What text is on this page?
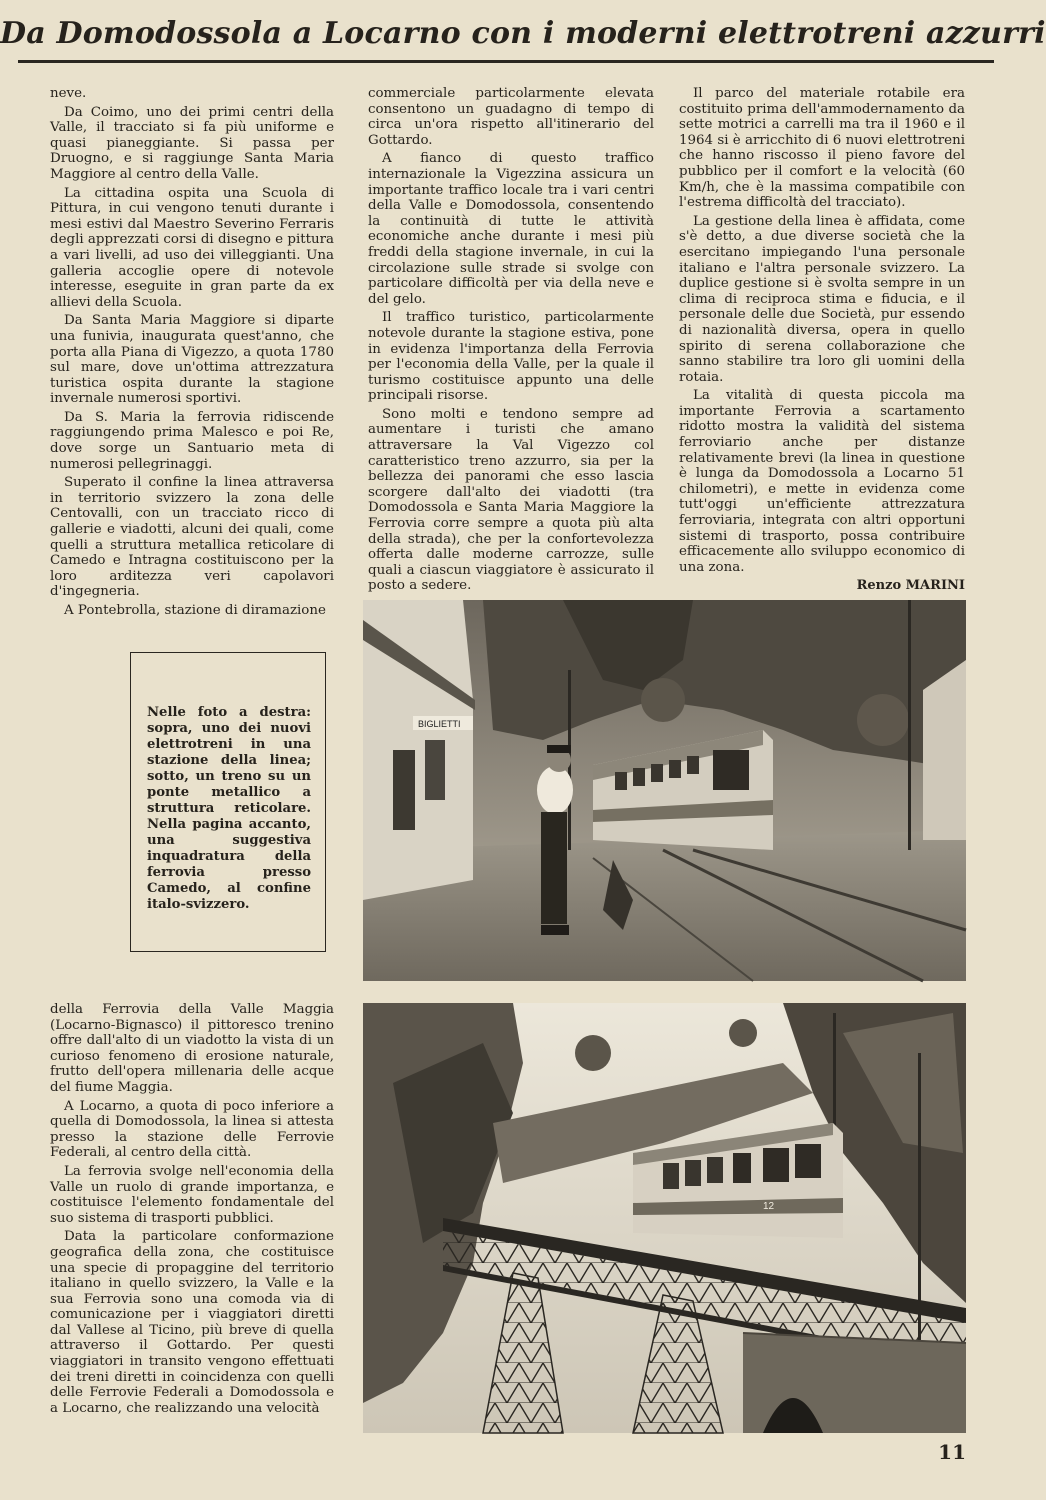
Da Domodossola a Locarno con i moderni elettrotreni azzurri

neve.

Da Coimo, uno dei primi centri della Valle, il tracciato si fa più uniforme e quasi pianeggiante. Si passa per Druogno, e si raggiunge Santa Maria Maggiore al centro della Valle.

La cittadina ospita una Scuola di Pittura, in cui vengono tenuti durante i mesi estivi dal Maestro Severino Ferraris degli apprezzati corsi di disegno e pittura a vari livelli, ad uso dei villeggianti. Una galleria accoglie opere di notevole interesse, eseguite in gran parte da ex allievi della Scuola.

Da Santa Maria Maggiore si diparte una funivia, inaugurata quest'anno, che porta alla Piana di Vigezzo, a quota 1780 sul mare, dove un'ottima attrezzatura turistica ospita durante la stagione invernale numerosi sportivi.

Da S. Maria la ferrovia ridiscende raggiungendo prima Malesco e poi Re, dove sorge un Santuario meta di numerosi pellegrinaggi.

Superato il confine la linea attraversa in territorio svizzero la zona delle Centovalli, con un tracciato ricco di gallerie e viadotti, alcuni dei quali, come quelli a struttura metallica reticolare di Camedo e Intragna costituiscono per la loro arditezza veri capolavori d'ingegneria.

A Pontebrolla, stazione di diramazione

commerciale particolarmente elevata consentono un guadagno di tempo di circa un'ora rispetto all'itinerario del Gottardo.

A fianco di questo traffico internazionale la Vigezzina assicura un importante traffico locale tra i vari centri della Valle e Domodossola, consentendo la continuità di tutte le attività economiche anche durante i mesi più freddi della stagione invernale, in cui la circolazione sulle strade si svolge con particolare difficoltà per via della neve e del gelo.

Il traffico turistico, particolarmente notevole durante la stagione estiva, pone in evidenza l'importanza della Ferrovia per l'economia della Valle, per la quale il turismo costituisce appunto una delle principali risorse.

Sono molti e tendono sempre ad aumentare i turisti che amano attraversare la Val Vigezzo col caratteristico treno azzurro, sia per la bellezza dei panorami che esso lascia scorgere dall'alto dei viadotti (tra Domodossola e Santa Maria Maggiore la Ferrovia corre sempre a quota più alta della strada), che per la confortevolezza offerta dalle moderne carrozze, sulle quali a ciascun viaggiatore è assicurato il posto a sedere.

Il parco del materiale rotabile era costituito prima dell'ammodernamento da sette motrici a carrelli ma tra il 1960 e il 1964 si è arricchito di 6 nuovi elettrotreni che hanno riscosso il pieno favore del pubblico per il comfort e la velocità (60 Km/h, che è la massima compatibile con l'estrema difficoltà del tracciato).

La gestione della linea è affidata, come s'è detto, a due diverse società che la esercitano impiegando l'una personale italiano e l'altra personale svizzero. La duplice gestione si è svolta sempre in un clima di reciproca stima e fiducia, e il personale delle due Società, pur essendo di nazionalità diversa, opera in quello spirito di serena collaborazione che sanno stabilire tra loro gli uomini della rotaia.

La vitalità di questa piccola ma importante Ferrovia a scartamento ridotto mostra la validità del sistema ferroviario anche per distanze relativamente brevi (la linea in questione è lunga da Domodossola a Locarno 51 chilometri), e mette in evidenza come tutt'oggi un'efficiente attrezzatura ferroviaria, integrata con altri opportuni sistemi di trasporto, possa contribuire efficacemente allo sviluppo economico di una zona.

Renzo MARINI
Nelle foto a destra: sopra, uno dei nuovi elettrotreni in una stazione della linea; sotto, un treno su un ponte metallico a struttura reticolare. Nella pagina accanto, una suggestiva inquadratura della ferrovia presso Camedo, al confine italo-svizzero.
BIGLIETTI
12

della Ferrovia della Valle Maggia (Locarno-Bignasco) il pittoresco trenino offre dall'alto di un viadotto la vista di un curioso fenomeno di erosione naturale, frutto dell'opera millenaria delle acque del fiume Maggia.

A Locarno, a quota di poco inferiore a quella di Domodossola, la linea si attesta presso la stazione delle Ferrovie Federali, al centro della città.

La ferrovia svolge nell'economia della Valle un ruolo di grande importanza, e costituisce l'elemento fondamentale del suo sistema di trasporti pubblici.

Data la particolare conformazione geografica della zona, che costituisce una specie di propaggine del territorio italiano in quello svizzero, la Valle e la sua Ferrovia sono una comoda via di comunicazione per i viaggiatori diretti dal Vallese al Ticino, più breve di quella attraverso il Gottardo. Per questi viaggiatori in transito vengono effettuati dei treni diretti in coincidenza con quelli delle Ferrovie Federali a Domodossola e a Locarno, che realizzando una velocità

11
